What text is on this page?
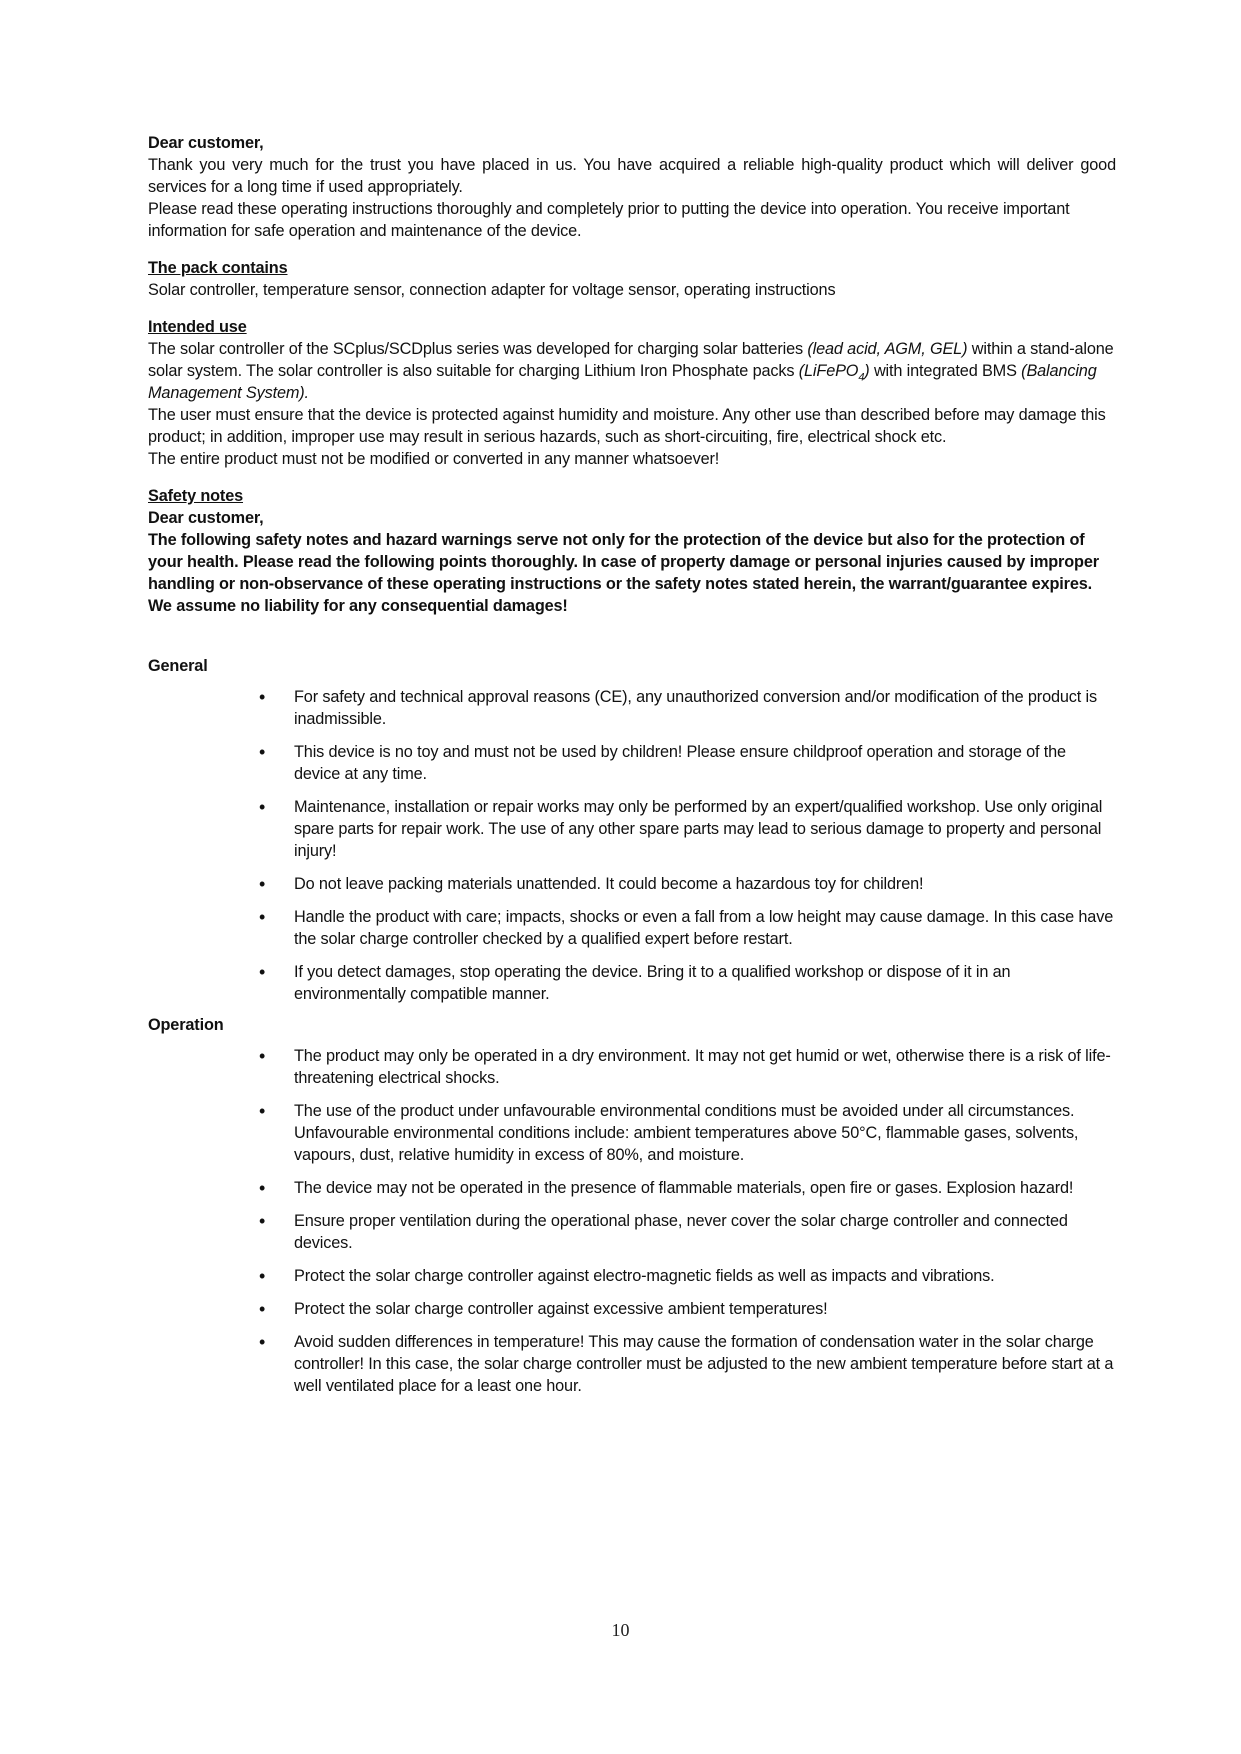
Dear customer,

Thank you very much for the trust you have placed in us. You have acquired a reliable high-quality product which will deliver good services for a long time if used appropriately.

Please read these operating instructions thoroughly and completely prior to putting the device into operation. You receive important information for safe operation and maintenance of the device.

The pack contains

Solar controller, temperature sensor, connection adapter for voltage sensor, operating instructions

Intended use

The solar controller of the SCplus/SCDplus series was developed for charging solar batteries (lead acid, AGM, GEL) within a stand-alone solar system. The solar controller is also suitable for charging Lithium Iron Phosphate packs (LiFePO$_4$) with integrated BMS (Balancing Management System).

The user must ensure that the device is protected against humidity and moisture. Any other use than described before may damage this product; in addition, improper use may result in serious hazards, such as short-circuiting, fire, electrical shock etc.

The entire product must not be modified or converted in any manner whatsoever!

Safety notes

Dear customer,

The following safety notes and hazard warnings serve not only for the protection of the device but also for the protection of your health. Please read the following points thoroughly. In case of property damage or personal injuries caused by improper handling or non-observance of these operating instructions or the safety notes stated herein, the warrant/guarantee expires. We assume no liability for any consequential damages!

General

• For safety and technical approval reasons (CE), any unauthorized conversion and/or modification of the product is inadmissible.
• This device is no toy and must not be used by children! Please ensure childproof operation and storage of the device at any time.
• Maintenance, installation or repair works may only be performed by an expert/qualified workshop. Use only original spare parts for repair work. The use of any other spare parts may lead to serious damage to property and personal injury!
• Do not leave packing materials unattended. It could become a hazardous toy for children!
• Handle the product with care; impacts, shocks or even a fall from a low height may cause damage. In this case have the solar charge controller checked by a qualified expert before restart.
• If you detect damages, stop operating the device. Bring it to a qualified workshop or dispose of it in an environmentally compatible manner.

Operation

• The product may only be operated in a dry environment. It may not get humid or wet, otherwise there is a risk of life-threatening electrical shocks.
• The use of the product under unfavourable environmental conditions must be avoided under all circumstances. Unfavourable environmental conditions include: ambient temperatures above 50°C, flammable gases, solvents, vapours, dust, relative humidity in excess of 80%, and moisture.
• The device may not be operated in the presence of flammable materials, open fire or gases. Explosion hazard!
• Ensure proper ventilation during the operational phase, never cover the solar charge controller and connected devices.
• Protect the solar charge controller against electro-magnetic fields as well as impacts and vibrations.
• Protect the solar charge controller against excessive ambient temperatures!
• Avoid sudden differences in temperature! This may cause the formation of condensation water in the solar charge controller! In this case, the solar charge controller must be adjusted to the new ambient temperature before start at a well ventilated place for a least one hour.
10
